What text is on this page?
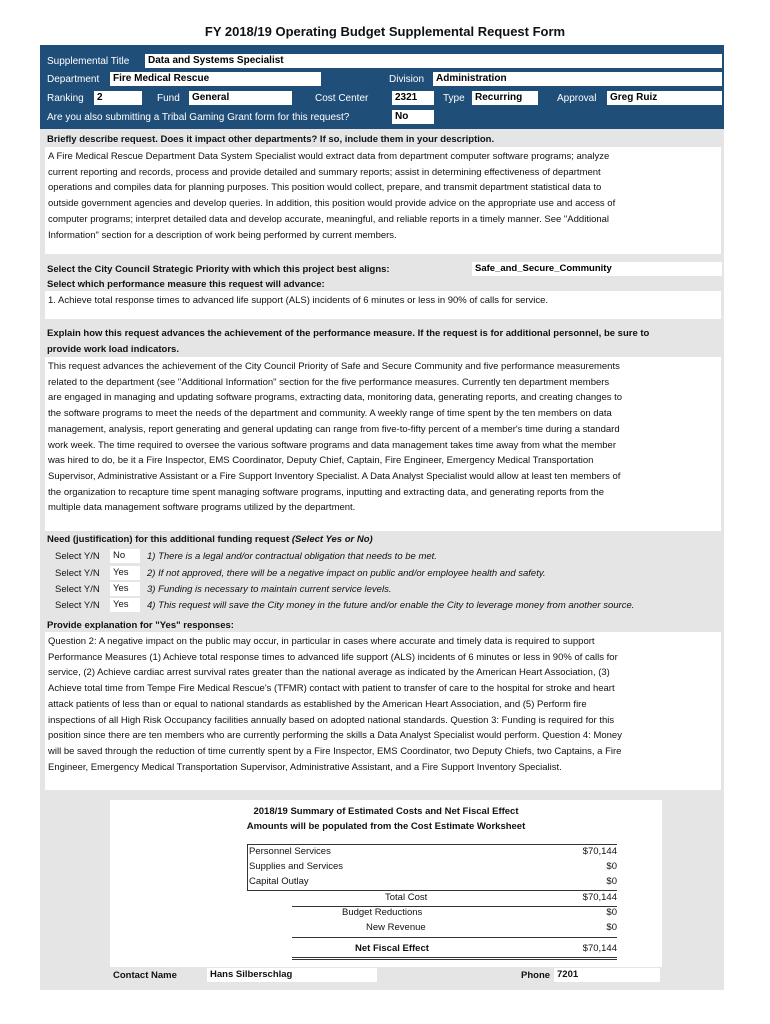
FY 2018/19 Operating Budget Supplemental Request Form
Supplemental Title	Data and Systems Specialist
Department	Fire Medical Rescue	Division	Administration
Ranking	2	Fund	General	Cost Center	2321	Type	Recurring	Approval	Greg Ruiz
Are you also submitting a Tribal Gaming Grant form for this request?	No
Briefly describe request. Does it impact other departments? If so, include them in your description.
A Fire Medical Rescue Department Data System Specialist would extract data from department computer software programs; analyze
current reporting and records, process and provide detailed and summary reports; assist in determining effectiveness of department
operations and compiles data for planning purposes. This position would collect, prepare, and transmit department statistical data to
outside government agencies and develop queries. In addition, this position would provide advice on the appropriate use and access of
computer programs; interpret detailed data and develop accurate, meaningful, and reliable reports in a timely manner. See "Additional
Information" section for a description of work being performed by current members.
Select the City Council Strategic Priority with which this project best aligns:	Safe_and_Secure_Community
Select which performance measure this request will advance:
1. Achieve total response times to advanced life support (ALS) incidents of 6 minutes or less in 90% of calls for service.
Explain how this request advances the achievement of the performance measure. If the request is for additional personnel, be sure to
provide work load indicators.
This request advances the achievement of the City Council Priority of Safe and Secure Community and five performance measurements
related to the department (see "Additional Information" section for the five performance measures. Currently ten department members
are engaged in managing and updating software programs, extracting data, monitoring data, generating reports, and creating changes to
the software programs to meet the needs of the department and community. A weekly range of time spent by the ten members on data
management, analysis, report generating and general updating can range from five-to-fifty percent of a member's time during a standard
work week. The time required to oversee the various software programs and data management takes time away from what the member
was hired to do, be it a Fire Inspector, EMS Coordinator, Deputy Chief, Captain, Fire Engineer, Emergency Medical Transportation
Supervisor, Administrative Assistant or a Fire Support Inventory Specialist. A Data Analyst Specialist would allow at least ten members of
the organization to recapture time spent managing software programs, inputting and extracting data, and generating reports from the
multiple data management software programs utilized by the department.
Need (justification) for this additional funding request (Select Yes or No)
Select Y/N	No	1) There is a legal and/or contractual obligation that needs to be met.
Select Y/N	Yes	2) If not approved, there will be a negative impact on public and/or employee health and safety.
Select Y/N	Yes	3) Funding is necessary to maintain current service levels.
Select Y/N	Yes	4) This request will save the City money in the future and/or enable the City to leverage money from another source.
Provide explanation for "Yes" responses:
Question 2: A negative impact on the public may occur, in particular in cases where accurate and timely data is required to support
Performance Measures (1) Achieve total response times to advanced life support (ALS) incidents of 6 minutes or less in 90% of calls for
service, (2) Achieve cardiac arrest survival rates greater than the national average as indicated by the American Heart Association, (3)
Achieve total time from Tempe Fire Medical Rescue's (TFMR) contact with patient to transfer of care to the hospital for stroke and heart
attack patients of less than or equal to national standards as established by the American Heart Association, and (5) Perform fire
inspections of all High Risk Occupancy facilities annually based on adopted national standards. Question 3: Funding is required for this
position since there are ten members who are currently performing the skills a Data Analyst Specialist would perform. Question 4: Money
will be saved through the reduction of time currently spent by a Fire Inspector, EMS Coordinator, two Deputy Chiefs, two Captains, a Fire
Engineer, Emergency Medical Transportation Supervisor, Administrative Assistant, and a Fire Support Inventory Specialist.
2018/19 Summary of Estimated Costs and Net Fiscal Effect
Amounts will be populated from the Cost Estimate Worksheet
Personnel Services	$70,144
Supplies and Services	$0
Capital Outlay	$0
Total Cost	$70,144
Budget Reductions	$0
New Revenue	$0
Net Fiscal Effect	$70,144
Contact Name	Hans Silberschlag	Phone 7201
